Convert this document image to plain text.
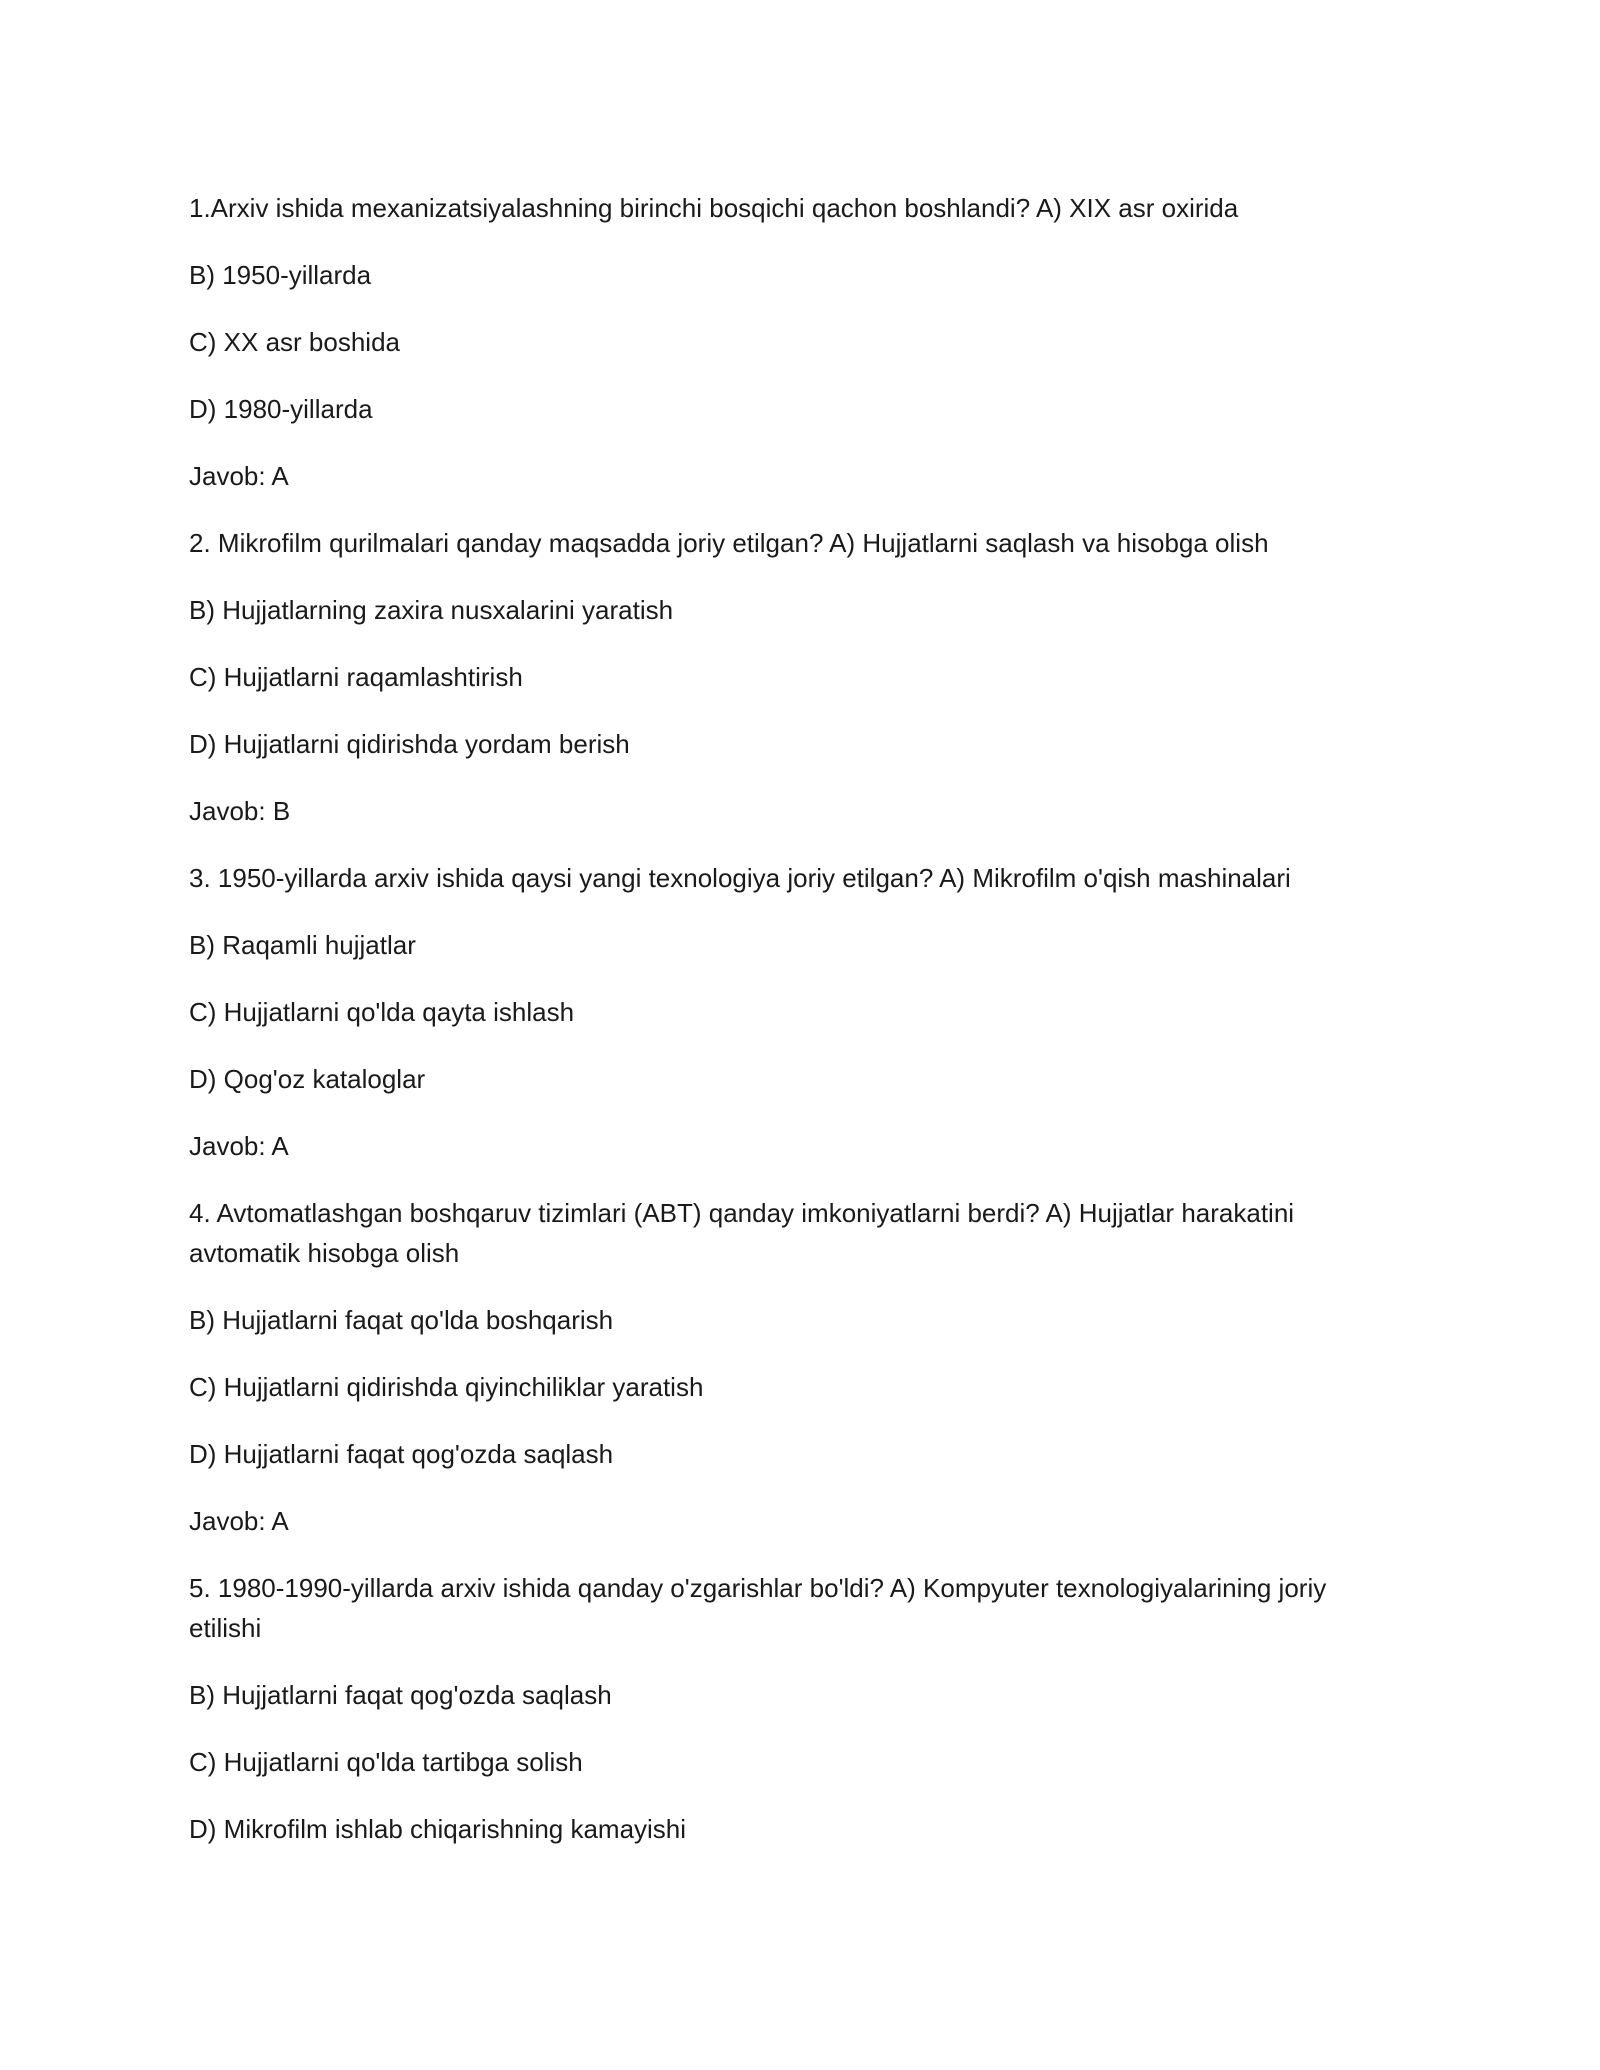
1.Arxiv ishida mexanizatsiyalashning birinchi bosqichi qachon boshlandi? A) XIX asr oxirida

B) 1950-yillarda

C) XX asr boshida

D) 1980-yillarda

Javob: A

2. Mikrofilm qurilmalari qanday maqsadda joriy etilgan? A) Hujjatlarni saqlash va hisobga olish

B) Hujjatlarning zaxira nusxalarini yaratish

C) Hujjatlarni raqamlashtirish

D) Hujjatlarni qidirishda yordam berish

Javob: B

3. 1950-yillarda arxiv ishida qaysi yangi texnologiya joriy etilgan? A) Mikrofilm o'qish mashinalari

B) Raqamli hujjatlar

C) Hujjatlarni qo'lda qayta ishlash

D) Qog'oz kataloglar

Javob: A

4. Avtomatlashgan boshqaruv tizimlari (ABT) qanday imkoniyatlarni berdi? A) Hujjatlar harakatini avtomatik hisobga olish

B) Hujjatlarni faqat qo'lda boshqarish

C) Hujjatlarni qidirishda qiyinchiliklar yaratish

D) Hujjatlarni faqat qog'ozda saqlash

Javob: A

5. 1980-1990-yillarda arxiv ishida qanday o'zgarishlar bo'ldi? A) Kompyuter texnologiyalarining joriy etilishi

B) Hujjatlarni faqat qog'ozda saqlash

C) Hujjatlarni qo'lda tartibga solish

D) Mikrofilm ishlab chiqarishning kamayishi
